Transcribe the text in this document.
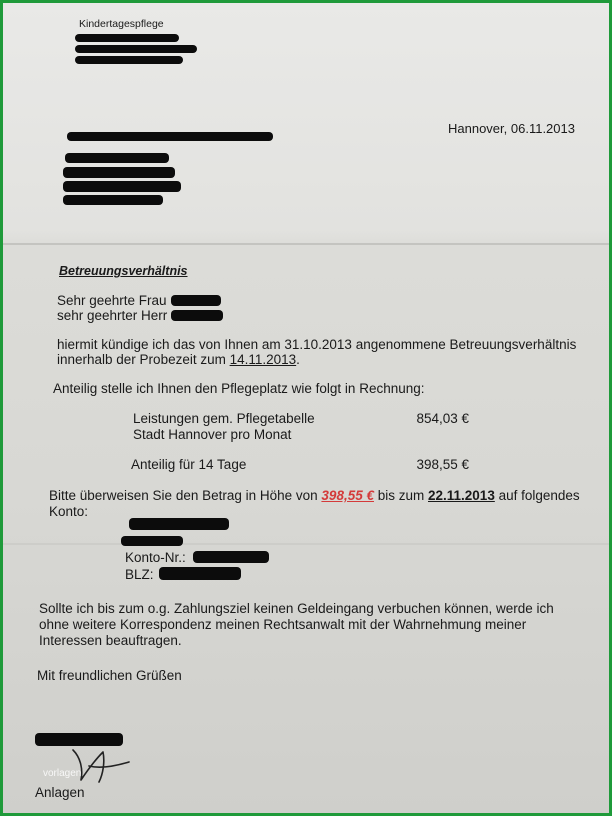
Kindertagespflege
Hannover, 06.11.2013
Betreuungsverhältnis
Sehr geehrte Frau
sehr geehrter Herr
hiermit kündige ich das von Ihnen am 31.10.2013 angenommene Betreuungsverhältnis
innerhalb der Probezeit zum 14.11.2013.
Anteilig stelle ich Ihnen den Pflegeplatz wie folgt in Rechnung:
Leistungen gem. Pflegetabelle
Stadt Hannover pro Monat
854,03 €
Anteilig für 14 Tage	398,55 €
Bitte überweisen Sie den Betrag in Höhe von 398,55 € bis zum 22.11.2013 auf folgendes
Konto:
Konto-Nr.:
BLZ:
Sollte ich bis zum o.g. Zahlungsziel keinen Geldeingang verbuchen können, werde ich
ohne weitere Korrespondenz meinen Rechtsanwalt mit der Wahrnehmung meiner
Interessen beauftragen.
Mit freundlichen Grüßen
vorlagen
Anlagen
